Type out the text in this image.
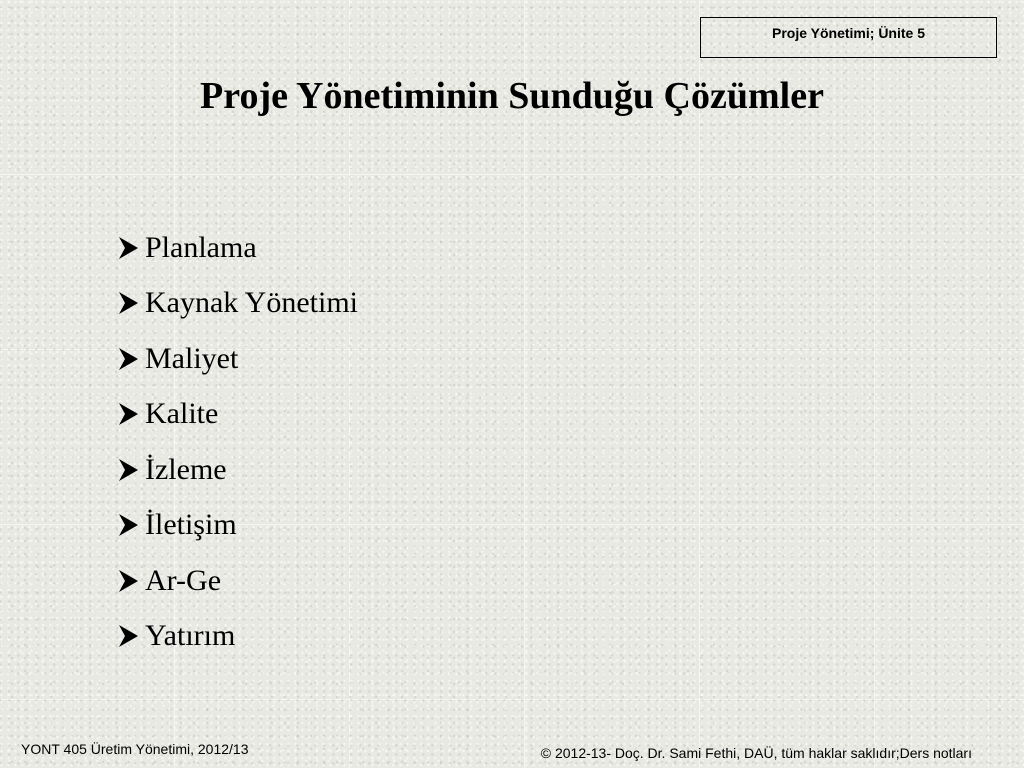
Proje Yönetimi; Ünite 5
Proje Yönetiminin Sunduğu Çözümler
Planlama
Kaynak Yönetimi
Maliyet
Kalite
İzleme
İletişim
Ar-Ge
Yatırım
YONT 405 Üretim Yönetimi, 2012/13	© 2012-13- Doç. Dr. Sami Fethi, DAÜ, tüm haklar saklıdır;Ders notları
